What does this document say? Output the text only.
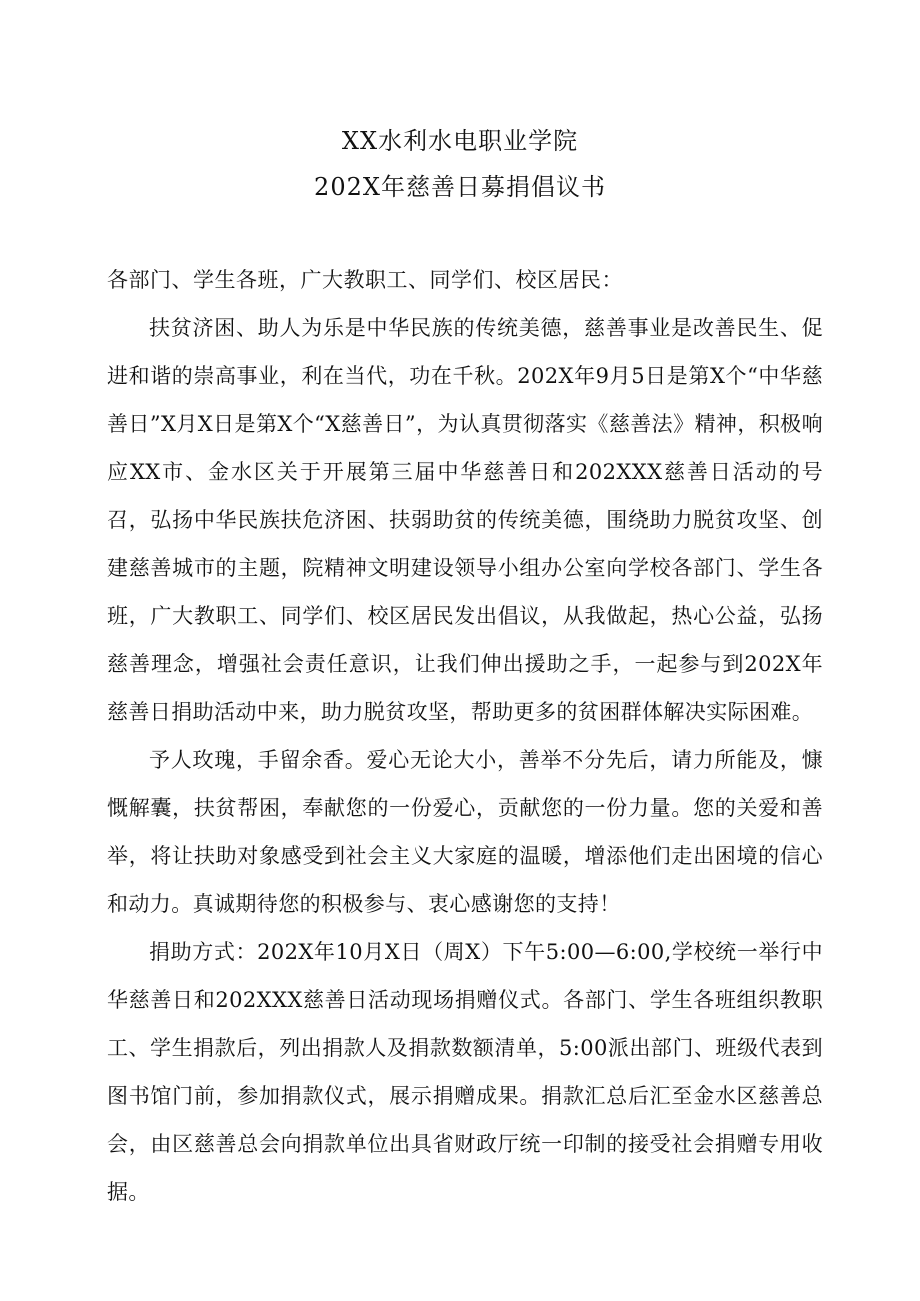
XX水利水电职业学院
202X年慈善日募捐倡议书

各部门、学生各班，广大教职工、同学们、校区居民：

扶贫济困、助人为乐是中华民族的传统美德，慈善事业是改善民生、促进和谐的崇高事业，利在当代，功在千秋。202X年9月5日是第X个“中华慈善日”X月X日是第X个“X慈善日”，为认真贯彻落实《慈善法》精神，积极响应XX市、金水区关于开展第三届中华慈善日和202XXX慈善日活动的号召，弘扬中华民族扶危济困、扶弱助贫的传统美德，围绕助力脱贫攻坚、创建慈善城市的主题，院精神文明建设领导小组办公室向学校各部门、学生各班，广大教职工、同学们、校区居民发出倡议，从我做起，热心公益，弘扬慈善理念，增强社会责任意识，让我们伸出援助之手，一起参与到202X年慈善日捐助活动中来，助力脱贫攻坚，帮助更多的贫困群体解决实际困难。

予人玫瑰，手留余香。爱心无论大小，善举不分先后，请力所能及，慷慨解囊，扶贫帮困，奉献您的一份爱心，贡献您的一份力量。您的关爱和善举，将让扶助对象感受到社会主义大家庭的温暖，增添他们走出困境的信心和动力。真诚期待您的积极参与、衷心感谢您的支持！

捐助方式：202X年10月X日（周X）下午5:00—6:00,学校统一举行中华慈善日和202XXX慈善日活动现场捐赠仪式。各部门、学生各班组织教职工、学生捐款后，列出捐款人及捐款数额清单，5:00派出部门、班级代表到图书馆门前，参加捐款仪式，展示捐赠成果。捐款汇总后汇至金水区慈善总会，由区慈善总会向捐款单位出具省财政厅统一印制的接受社会捐赠专用收据。
